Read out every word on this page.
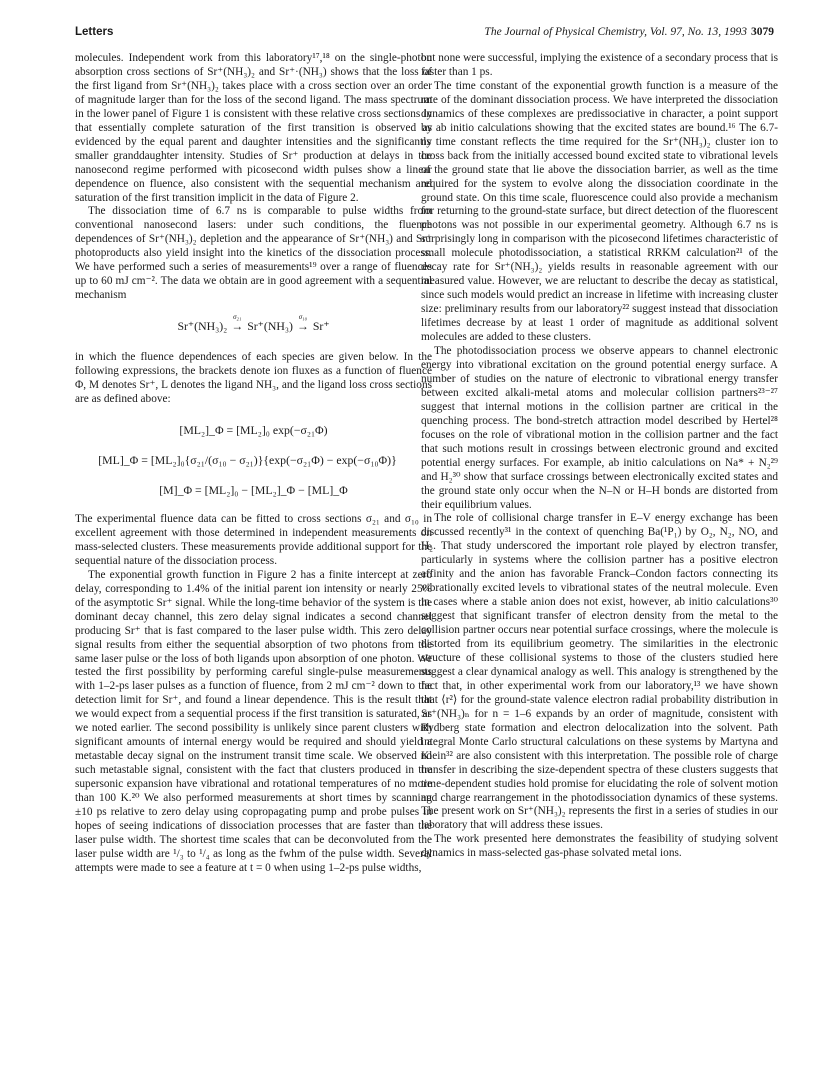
Letters	The Journal of Physical Chemistry, Vol. 97, No. 13, 1993 3079

molecules. Independent work from this laboratory¹⁷,¹⁸ on the single-photon absorption cross sections of Sr⁺(NH₃)₂ and Sr⁺·(NH₃) shows that the loss of the first ligand from Sr⁺(NH₃)₂ takes place with a cross section over an order of magnitude larger than for the loss of the second ligand. The mass spectrum in the lower panel of Figure 1 is consistent with these relative cross sections in that essentially complete saturation of the first transition is observed as evidenced by the equal parent and daughter intensities and the significantly smaller granddaughter intensity. Studies of Sr⁺ production at delays in the nanosecond regime performed with picosecond width pulses show a linear dependence on fluence, also consistent with the sequential mechanism and saturation of the first transition implicit in the data of Figure 2.

The dissociation time of 6.7 ns is comparable to pulse widths from conventional nanosecond lasers: under such conditions, the fluence dependences of Sr⁺(NH₃)₂ depletion and the appearance of Sr⁺(NH₃) and Sr⁺ photoproducts also yield insight into the kinetics of the dissociation process. We have performed such a series of measurements¹⁹ over a range of fluences up to 60 mJ cm⁻². The data we obtain are in good agreement with a sequential mechanism

Sr⁺(NH₃)₂
σ₂₁
→ Sr⁺(NH₃)
σ₁₀
→ Sr⁺

in which the fluence dependences of each species are given below. In the following expressions, the brackets denote ion fluxes as a function of fluence Φ, M denotes Sr⁺, L denotes the ligand NH₃, and the ligand loss cross sections are as defined above:

[ML₂]_Φ = [ML₂]₀ exp(−σ₂₁Φ)
[ML]_Φ = [ML₂]₀{σ₂₁/(σ₁₀ − σ₂₁)}{exp(−σ₂₁Φ) − exp(−σ₁₀Φ)}
[M]_Φ = [ML₂]₀ − [ML₂]_Φ − [ML]_Φ

The experimental fluence data can be fitted to cross sections σ₂₁ and σ₁₀ in excellent agreement with those determined in independent measurements on mass-selected clusters. These measurements provide additional support for the sequential nature of the dissociation process.

The exponential growth function in Figure 2 has a finite intercept at zero delay, corresponding to 1.4% of the initial parent ion intensity or nearly 25% of the asymptotic Sr⁺ signal. While the long-time behavior of the system is the dominant decay channel, this zero delay signal indicates a second channel producing Sr⁺ that is fast compared to the laser pulse width. This zero delay signal results from either the sequential absorption of two photons from the same laser pulse or the loss of both ligands upon absorption of one photon. We tested the first possibility by performing careful single-pulse measurements with 1–2-ps laser pulses as a function of fluence, from 2 mJ cm⁻² down to the detection limit for Sr⁺, and found a linear dependence. This is the result that we would expect from a sequential process if the first transition is saturated, as we noted earlier. The second possibility is unlikely since parent clusters with significant amounts of internal energy would be required and should yield a metastable decay signal on the instrument transit time scale. We observed no such metastable signal, consistent with the fact that clusters produced in the supersonic expansion have vibrational and rotational temperatures of no more than 100 K.²⁰ We also performed measurements at short times by scanning ±10 ps relative to zero delay using copropagating pump and probe pulses in hopes of seeing indications of dissociation processes that are faster than the laser pulse width. The shortest time scales that can be deconvoluted from the laser pulse width are ¹/₃ to ¹/₄ as long as the fwhm of the pulse width. Several attempts were made to see a feature at t = 0 when using 1–2-ps pulse widths,

but none were successful, implying the existence of a secondary process that is faster than 1 ps.

The time constant of the exponential growth function is a measure of the rate of the dominant dissociation process. We have interpreted the dissociation dynamics of these complexes are predissociative in character, a point support by ab initio calculations showing that the excited states are bound.¹⁶ The 6.7-ns time constant reflects the time required for the Sr⁺(NH₃)₂ cluster ion to cross back from the initially accessed bound excited state to vibrational levels of the ground state that lie above the dissociation barrier, as well as the time required for the system to evolve along the dissociation coordinate in the ground state. On this time scale, fluorescence could also provide a mechanism for returning to the ground-state surface, but direct detection of the fluorescent photons was not possible in our experimental geometry. Although 6.7 ns is surprisingly long in comparison with the picosecond lifetimes characteristic of small molecule photodissociation, a statistical RRKM calculation²¹ of the decay rate for Sr⁺(NH₃)₂ yields results in reasonable agreement with our measured value. However, we are reluctant to describe the decay as statistical, since such models would predict an increase in lifetime with increasing cluster size: preliminary results from our laboratory²² suggest instead that dissociation lifetimes decrease by at least 1 order of magnitude as additional solvent molecules are added to these clusters.

The photodissociation process we observe appears to channel electronic energy into vibrational excitation on the ground potential energy surface. A number of studies on the nature of electronic to vibrational energy transfer between excited alkali-metal atoms and molecular collision partners²³⁻²⁷ suggest that internal motions in the collision partner are critical in the quenching process. The bond-stretch attraction model described by Hertel²⁸ focuses on the role of vibrational motion in the collision partner and the fact that such motions result in crossings between electronic ground and excited potential energy surfaces. For example, ab initio calculations on Na* + N₂²⁹ and H₂³⁰ show that surface crossings between electronically excited states and the ground state only occur when the N–N or H–H bonds are distorted from their equilibrium values.

The role of collisional charge transfer in E–V energy exchange has been discussed recently³¹ in the context of quenching Ba(¹P₁) by O₂, N₂, NO, and H₂. That study underscored the important role played by electron transfer, particularly in systems where the collision partner has a positive electron affinity and the anion has favorable Franck–Condon factors connecting its vibrationally excited levels to vibrational states of the neutral molecule. Even in cases where a stable anion does not exist, however, ab initio calculations³⁰ suggest that significant transfer of electron density from the metal to the collision partner occurs near potential surface crossings, where the molecule is distorted from its equilibrium geometry. The similarities in the electronic structure of these collisional systems to those of the clusters studied here suggest a clear dynamical analogy as well. This analogy is strengthened by the fact that, in other experimental work from our laboratory,¹³ we have shown that ⟨r²⟩ for the ground-state valence electron radial probability distribution in Sr⁺(NH₃)ₙ for n = 1–6 expands by an order of magnitude, consistent with Rydberg state formation and electron delocalization into the solvent. Path integral Monte Carlo structural calculations on these systems by Martyna and Klein³² are also consistent with this interpretation. The possible role of charge transfer in describing the size-dependent spectra of these clusters suggests that time-dependent studies hold promise for elucidating the role of solvent motion and charge rearrangement in the photodissociation dynamics of these systems. The present work on Sr⁺(NH₃)₂ represents the first in a series of studies in our laboratory that will address these issues.

The work presented here demonstrates the feasibility of studying solvent dynamics in mass-selected gas-phase solvated metal ions.
